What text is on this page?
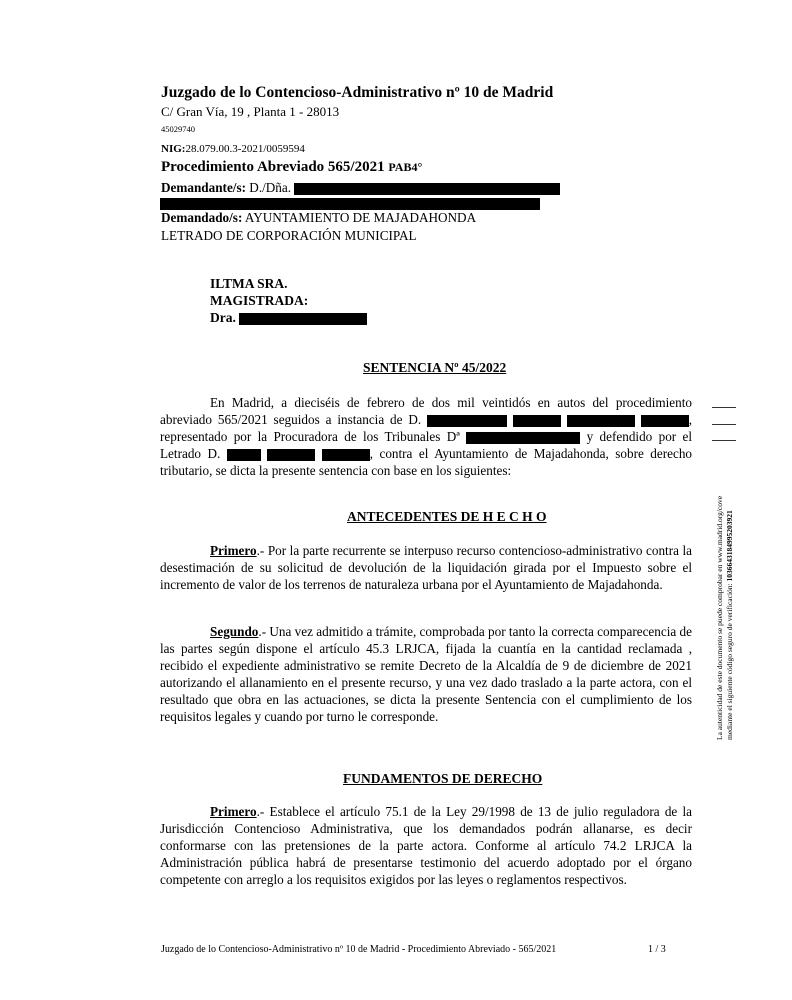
Juzgado de lo Contencioso-Administrativo nº 10 de Madrid
C/ Gran Vía, 19 , Planta 1 - 28013
45029740
NIG:28.079.00.3-2021/0059594
Procedimiento Abreviado 565/2021 PAB4°
Demandante/s: D./Dña.
Demandado/s: AYUNTAMIENTO DE MAJADAHONDA
LETRADO DE CORPORACIÓN MUNICIPAL
ILTMA SRA.
MAGISTRADA:
Dra.
SENTENCIA Nº 45/2022
En Madrid, a dieciséis de febrero de dos mil veintidós en autos del procedimiento abreviado 565/2021 seguidos a instancia de D.	, representado por la Procuradora de los Tribunales Dª	y defendido por el Letrado D.	, contra el Ayuntamiento de Majadahonda, sobre derecho tributario, se dicta la presente sentencia con base en los siguientes:
ANTECEDENTES DE H E C H O
Primero.- Por la parte recurrente se interpuso recurso contencioso-administrativo contra la desestimación de su solicitud de devolución de la liquidación girada por el Impuesto sobre el incremento de valor de los terrenos de naturaleza urbana por el Ayuntamiento de Majadahonda.
Segundo.- Una vez admitido a trámite, comprobada por tanto la correcta comparecencia de las partes según dispone el artículo 45.3 LRJCA, fijada la cuantía en la cantidad reclamada , recibido el expediente administrativo se remite Decreto de la Alcaldía de 9 de diciembre de 2021 autorizando el allanamiento en el presente recurso, y una vez dado traslado a la parte actora, con el resultado que obra en las actuaciones, se dicta la presente Sentencia con el cumplimiento de los requisitos legales y cuando por turno le corresponde.
FUNDAMENTOS DE DERECHO
Primero.- Establece el artículo 75.1 de la Ley 29/1998 de 13 de julio reguladora de la Jurisdicción Contencioso Administrativa, que los demandados podrán allanarse, es decir conformarse con las pretensiones de la parte actora. Conforme al artículo 74.2 LRJCA la Administración pública habrá de presentarse testimonio del acuerdo adoptado por el órgano competente con arreglo a los requisitos exigidos por las leyes o reglamentos respectivos.
Juzgado de lo Contencioso-Administrativo nº 10 de Madrid - Procedimiento Abreviado - 565/2021	1 / 3
La autenticidad de este documento se puede comprobar en www.madrid.org/cove mediante el siguiente código seguro de verificación: 1036643184995203921
